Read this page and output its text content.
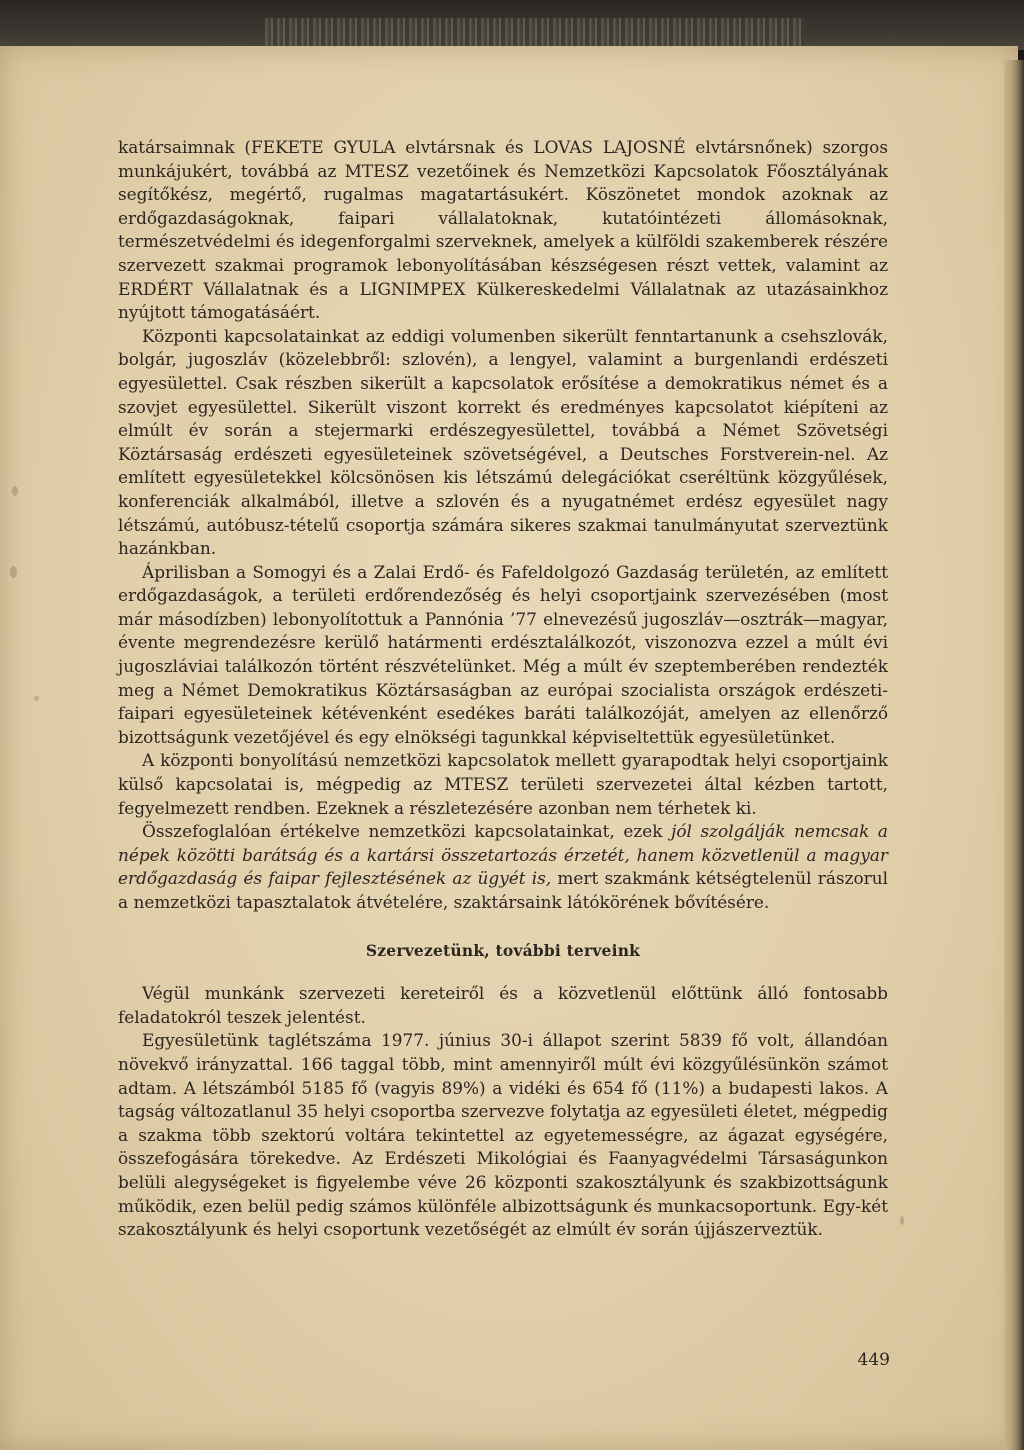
katársaimnak (FEKETE GYULA elvtársnak és LOVAS LAJOSNÉ elvtársnőnek) szorgos munkájukért, továbbá az MTESZ vezetőinek és Nemzetközi Kapcsolatok Főosztályának segítőkész, megértő, rugalmas magatartásukért. Köszönetet mondok azoknak az erdőgazdaságoknak, faipari vállalatoknak, kutatóintézeti állomásoknak, természetvédelmi és idegenforgalmi szerveknek, amelyek a külföldi szakemberek részére szervezett szakmai programok lebonyolításában készségesen részt vettek, valamint az ERDÉRT Vállalatnak és a LIGNIMPEX Külkereskedelmi Vállalatnak az utazásainkhoz nyújtott támogatásáért.

Központi kapcsolatainkat az eddigi volumenben sikerült fenntartanunk a csehszlovák, bolgár, jugoszláv (közelebbről: szlovén), a lengyel, valamint a burgenlandi erdészeti egyesülettel. Csak részben sikerült a kapcsolatok erősítése a demokratikus német és a szovjet egyesülettel. Sikerült viszont korrekt és eredményes kapcsolatot kiépíteni az elmúlt év során a stejermarki erdészegyesülettel, továbbá a Német Szövetségi Köztársaság erdészeti egyesületeinek szövetségével, a Deutsches Forstverein-nel. Az említett egyesületekkel kölcsönösen kis létszámú delegációkat cseréltünk közgyűlések, konferenciák alkalmából, illetve a szlovén és a nyugatnémet erdész egyesület nagy létszámú, autóbusz-tételű csoportja számára sikeres szakmai tanulmányutat szerveztünk hazánkban.

Áprilisban a Somogyi és a Zalai Erdő- és Fafeldolgozó Gazdaság területén, az említett erdőgazdaságok, a területi erdőrendezőség és helyi csoportjaink szervezésében (most már másodízben) lebonyolítottuk a Pannónia ’77 elnevezésű jugoszláv—osztrák—magyar, évente megrendezésre kerülő határmenti erdésztalálkozót, viszonozva ezzel a múlt évi jugoszláviai találkozón történt részvételünket. Még a múlt év szeptemberében rendezték meg a Német Demokratikus Köztársaságban az európai szocialista országok erdészeti-faipari egyesületeinek kétévenként esedékes baráti találkozóját, amelyen az ellenőrző bizottságunk vezetőjével és egy elnökségi tagunkkal képviseltettük egyesületünket.

A központi bonyolítású nemzetközi kapcsolatok mellett gyarapodtak helyi csoportjaink külső kapcsolatai is, mégpedig az MTESZ területi szervezetei által kézben tartott, fegyelmezett rendben. Ezeknek a részletezésére azonban nem térhetek ki.

Összefoglalóan értékelve nemzetközi kapcsolatainkat, ezek jól szolgálják nemcsak a népek közötti barátság és a kartársi összetartozás érzetét, hanem közvetlenül a magyar erdőgazdaság és faipar fejlesztésének az ügyét is, mert szakmánk kétségtelenül rászorul a nemzetközi tapasztalatok átvételére, szaktársaink látókörének bővítésére.

Szervezetünk, további terveink

Végül munkánk szervezeti kereteiről és a közvetlenül előttünk álló fontosabb feladatokról teszek jelentést.

Egyesületünk taglétszáma 1977. június 30-i állapot szerint 5839 fő volt, állandóan növekvő irányzattal. 166 taggal több, mint amennyiről múlt évi közgyűlésünkön számot adtam. A létszámból 5185 fő (vagyis 89%) a vidéki és 654 fő (11%) a budapesti lakos. A tagság változatlanul 35 helyi csoportba szervezve folytatja az egyesületi életet, mégpedig a szakma több szektorú voltára tekintettel az egyetemességre, az ágazat egységére, összefogására törekedve. Az Erdészeti Mikológiai és Faanyagvédelmi Társaságunkon belüli alegységeket is figyelembe véve 26 központi szakosztályunk és szakbizottságunk működik, ezen belül pedig számos különféle albizottságunk és munkacsoportunk. Egy-két szakosztályunk és helyi csoportunk vezetőségét az elmúlt év során újjászerveztük.

449
